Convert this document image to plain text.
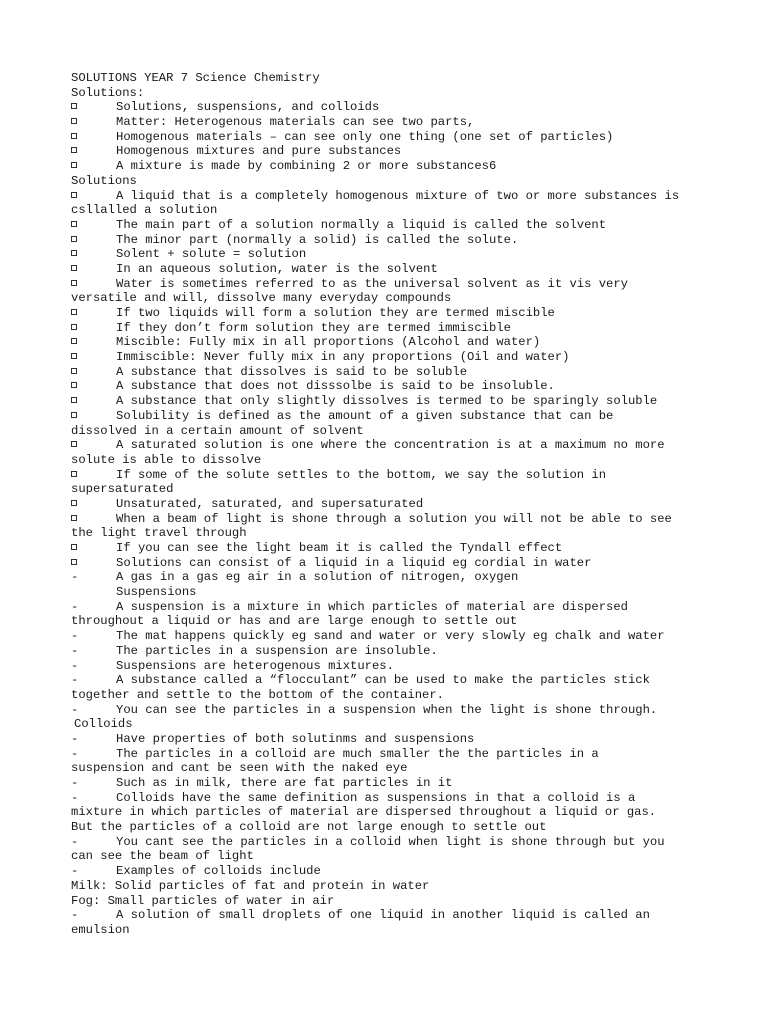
SOLUTIONS YEAR 7 Science Chemistry
Solutions:
Solutions, suspensions, and colloids
Matter: Heterogenous materials can see two parts,
Homogenous materials – can see only one thing (one set of particles)
Homogenous mixtures and pure substances
A mixture is made by combining 2 or more substances6
Solutions
A liquid that is a completely homogenous mixture of two or more substances is
csllalled a solution
The main part of a solution normally a liquid is called the solvent
The minor part (normally a solid) is called the solute.
Solent + solute = solution
In an aqueous solution, water is the solvent
Water is sometimes referred to as the universal solvent as it vis very
versatile and will, dissolve many everyday compounds
If two liquids will form a solution they are termed miscible
If they don’t form solution they are termed immiscible
Miscible: Fully mix in all proportions (Alcohol and water)
Immiscible: Never fully mix in any proportions (Oil and water)
A substance that dissolves is said to be soluble
A substance that does not disssolbe is said to be insoluble.
A substance that only slightly dissolves is termed to be sparingly soluble
Solubility is defined as the amount of a given substance that can be
dissolved in a certain amount of solvent
A saturated solution is one where the concentration is at a maximum no more
solute is able to dissolve
If some of the solute settles to the bottom, we say the solution in
supersaturated
Unsaturated, saturated, and supersaturated
When a beam of light is shone through a solution you will not be able to see
the light travel through
If you can see the light beam it is called the Tyndall effect
Solutions can consist of a liquid in a liquid eg cordial in water
-	A gas in a gas eg air in a solution of nitrogen, oxygen
Suspensions
-	A suspension is a mixture in which particles of material are dispersed
throughout a liquid or has and are large enough to settle out
-	The mat happens quickly eg sand and water or very slowly eg chalk and water
-	The particles in a suspension are insoluble.
-	Suspensions are heterogenous mixtures.
-	A substance called a “flocculant” can be used to make the particles stick
together and settle to the bottom of the container.
-	You can see the particles in a suspension when the light is shone through.
Colloids
-	Have properties of both solutinms and suspensions
-	The particles in a colloid are much smaller the the particles in a
suspension and cant be seen with the naked eye
-	Such as in milk, there are fat particles in it
-	Colloids have the same definition as suspensions in that a colloid is a
mixture in which particles of material are dispersed throughout a liquid or gas.
But the particles of a colloid are not large enough to settle out
-	You cant see the particles in a colloid when light is shone through but you
can see the beam of light
-	Examples of colloids include
Milk: Solid particles of fat and protein in water
Fog: Small particles of water in air
-	A solution of small droplets of one liquid in another liquid is called an
emulsion
